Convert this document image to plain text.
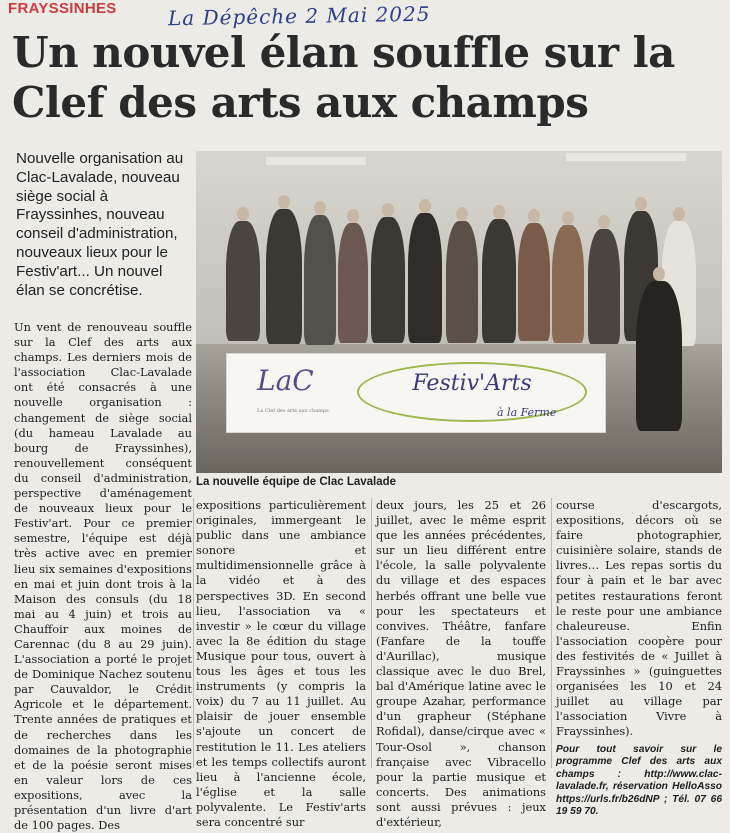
FRAYSSINHES	La Dépêche 2 Mai 2025
Un nouvel élan souffle sur la Clef des arts aux champs

Nouvelle organisation au Clac-Lavalade, nouveau siège social à Frayssinhes, nouveau conseil d'administration, nouveaux lieux pour le Festiv'art... Un nouvel élan se concrétise.

LaC
La Clef des arts aux champs
Festiv'Arts
à la Ferme
La nouvelle équipe de Clac Lavalade

Un vent de renouveau souffle sur la Clef des arts aux champs. Les derniers mois de l'association Clac-Lavalade ont été consacrés à une nouvelle organisation : changement de siège social (du hameau Lavalade au bourg de Frayssinhes), renouvellement conséquent du conseil d'administration, perspective d'aménagement de nouveaux lieux pour le Festiv'art. Pour ce premier semestre, l'équipe est déjà très active avec en premier lieu six semaines d'expositions en mai et juin dont trois à la Maison des consuls (du 18 mai au 4 juin) et trois au Chauffoir aux moines de Carennac (du 8 au 29 juin). L'association a porté le projet de Dominique Nachez soutenu par Cauvaldor, le Crédit Agricole et le département. Trente années de pratiques et de recherches dans les domaines de la photographie et de la poésie seront mises en valeur lors de ces expositions, avec la présentation d'un livre d'art de 100 pages. Des

expositions particulièrement originales, immergeant le public dans une ambiance sonore et multidimensionnelle grâce à la vidéo et à des perspectives 3D. En second lieu, l'association va « investir » le cœur du village avec la 8e édition du stage Musique pour tous, ouvert à tous les âges et tous les instruments (y compris la voix) du 7 au 11 juillet. Au plaisir de jouer ensemble s'ajoute un concert de restitution le 11. Les ateliers et les temps collectifs auront lieu à l'ancienne école, l'église et la salle polyvalente. Le Festiv'arts sera concentré sur

deux jours, les 25 et 26 juillet, avec le même esprit que les années précédentes, sur un lieu différent entre l'école, la salle polyvalente du village et des espaces herbés offrant une belle vue pour les spectateurs et convives. Théâtre, fanfare (Fanfare de la touffe d'Aurillac), musique classique avec le duo Brel, bal d'Amérique latine avec le groupe Azahar, performance d'un grapheur (Stéphane Rofidal), danse/cirque avec « Tour-Osol », chanson française avec Vibracello pour la partie musique et concerts. Des animations sont aussi prévues : jeux d'extérieur,

course d'escargots, expositions, décors où se faire photographier, cuisinière solaire, stands de livres… Les repas sortis du four à pain et le bar avec petites restaurations feront le reste pour une ambiance chaleureuse. Enfin l'association coopère pour des festivités de « Juillet à Frayssinhes » (guinguettes organisées les 10 et 24 juillet au village par l'association Vivre à Frayssinhes).

Pour tout savoir sur le programme Clef des arts aux champs : http://www.clac-lavalade.fr, réservation HelloAsso https://urls.fr/b26dNP ; Tél. 07 66 19 59 70.
